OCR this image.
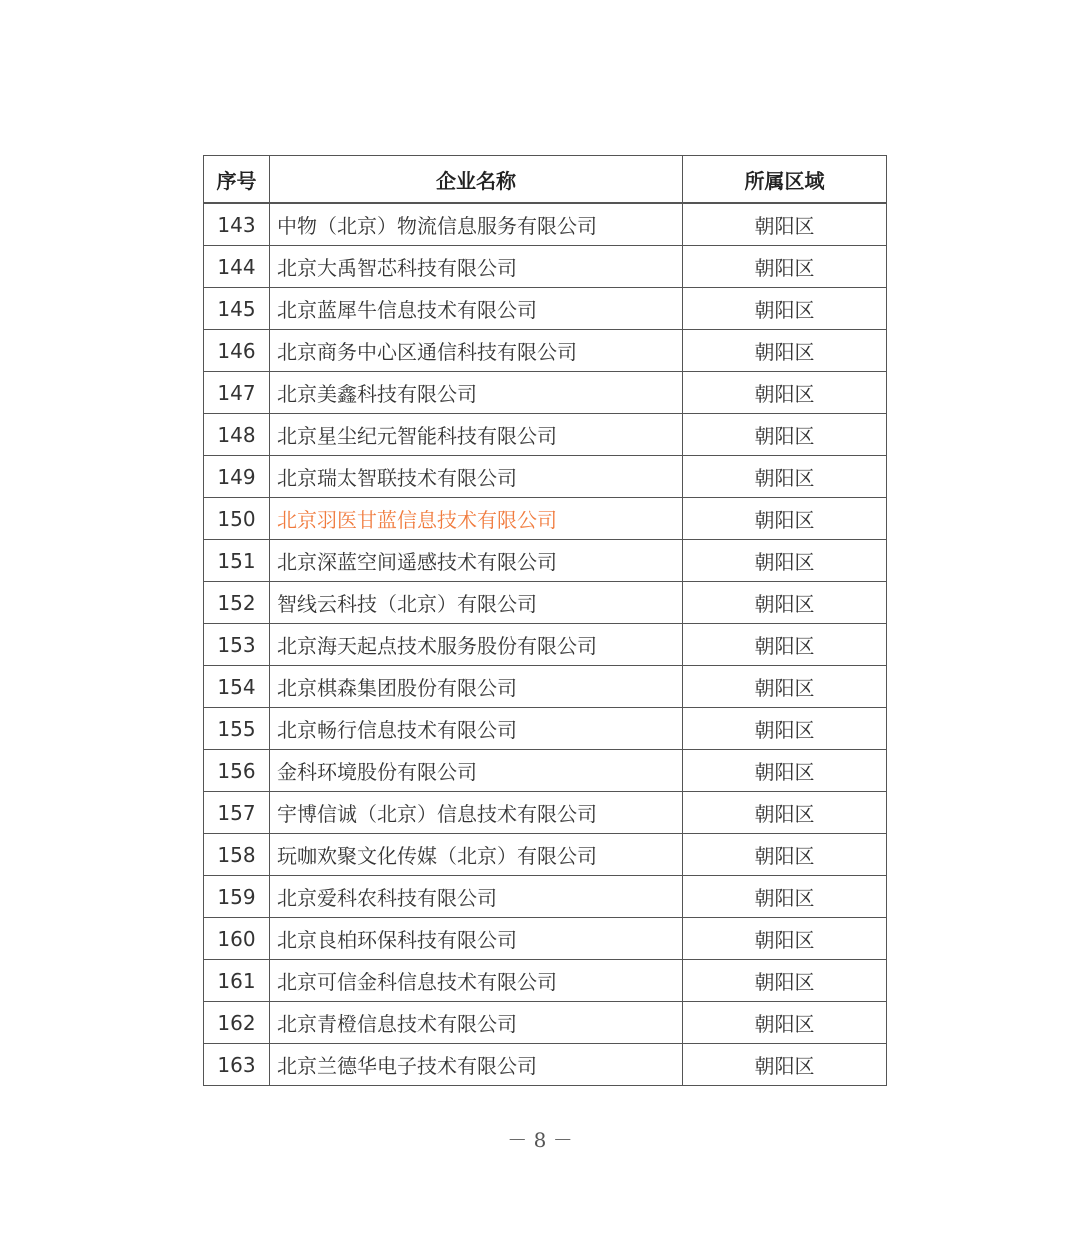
序号	企业名称	所属区域
143	中物（北京）物流信息服务有限公司	朝阳区
144	北京大禹智芯科技有限公司	朝阳区
145	北京蓝犀牛信息技术有限公司	朝阳区
146	北京商务中心区通信科技有限公司	朝阳区
147	北京美鑫科技有限公司	朝阳区
148	北京星尘纪元智能科技有限公司	朝阳区
149	北京瑞太智联技术有限公司	朝阳区
150	北京羽医甘蓝信息技术有限公司	朝阳区
151	北京深蓝空间遥感技术有限公司	朝阳区
152	智线云科技（北京）有限公司	朝阳区
153	北京海天起点技术服务股份有限公司	朝阳区
154	北京棋森集团股份有限公司	朝阳区
155	北京畅行信息技术有限公司	朝阳区
156	金科环境股份有限公司	朝阳区
157	宇博信诚（北京）信息技术有限公司	朝阳区
158	玩咖欢聚文化传媒（北京）有限公司	朝阳区
159	北京爱科农科技有限公司	朝阳区
160	北京良柏环保科技有限公司	朝阳区
161	北京可信金科信息技术有限公司	朝阳区
162	北京青橙信息技术有限公司	朝阳区
163	北京兰德华电子技术有限公司	朝阳区
－ 8 －
